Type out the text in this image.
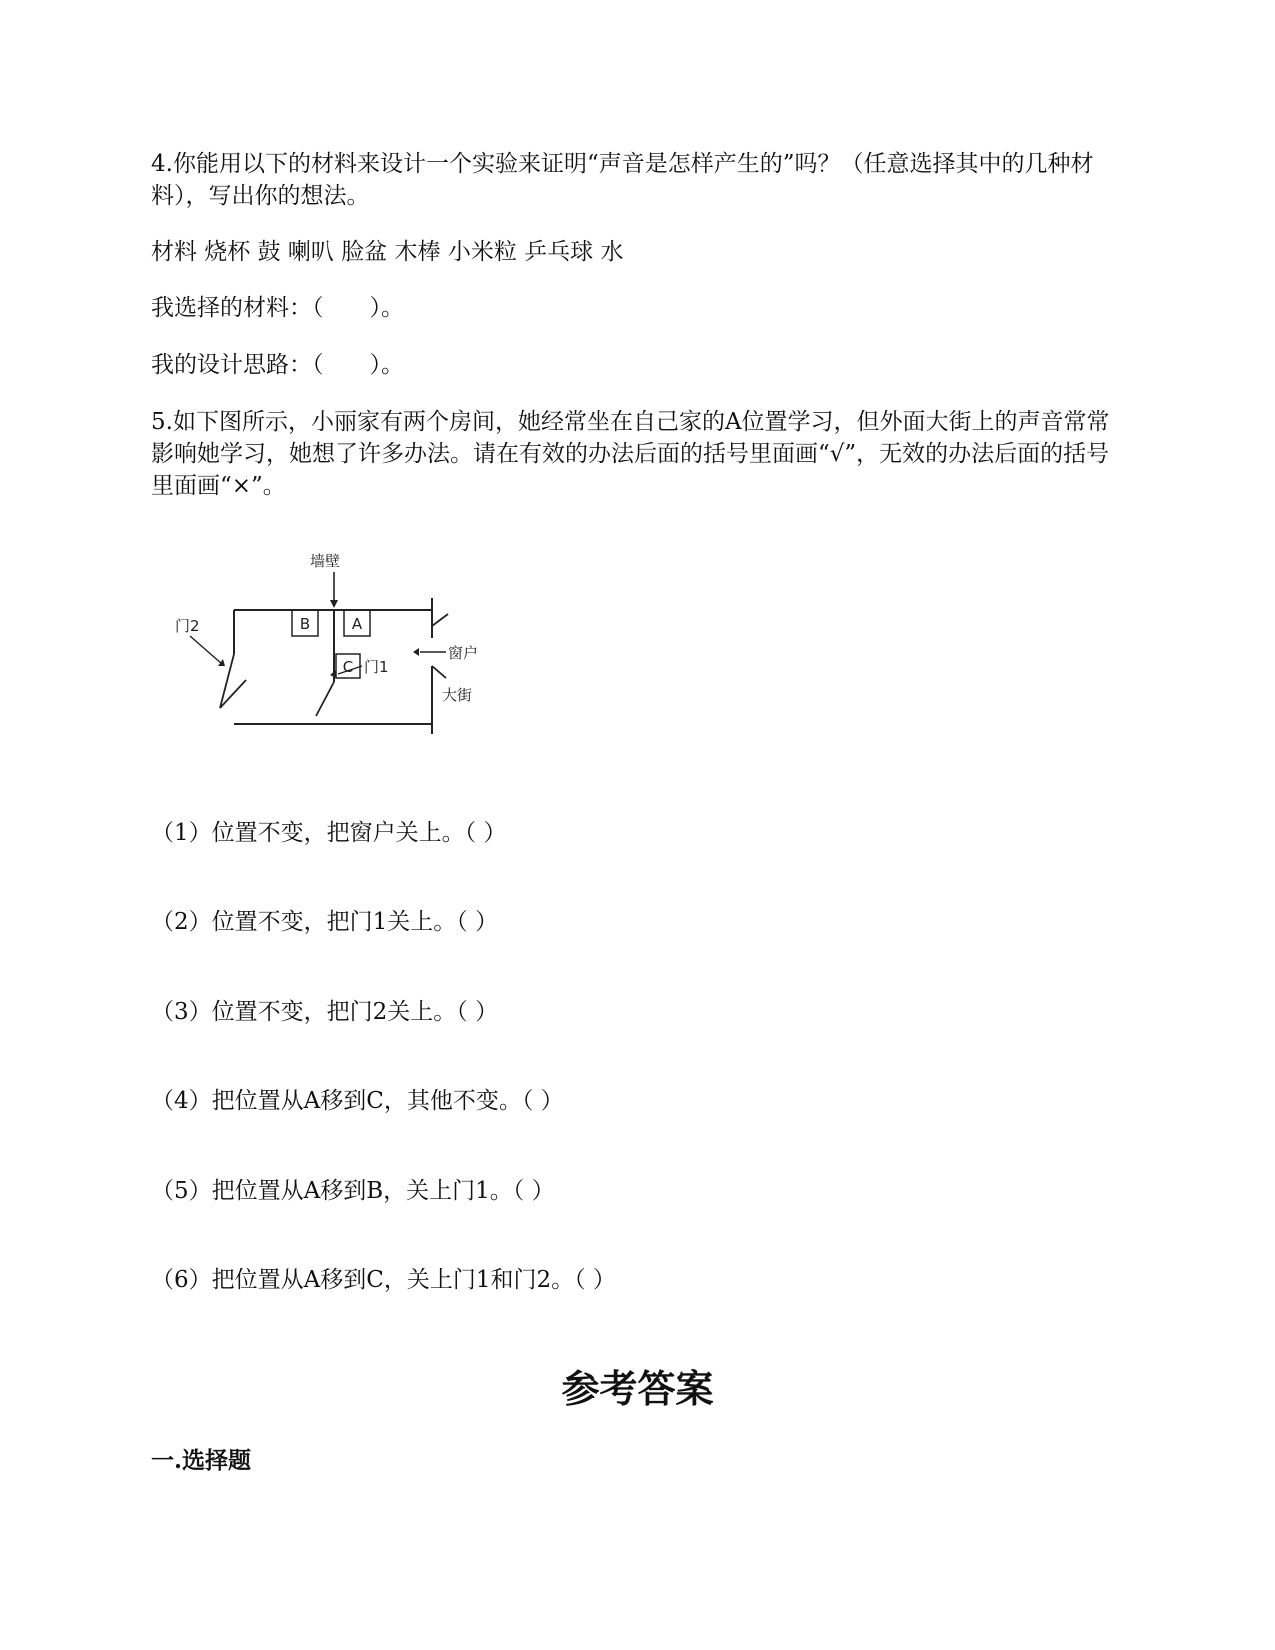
4.你能用以下的材料来设计一个实验来证明“声音是怎样产生的”吗？（任意选择其中的几种材料），写出你的想法。

材料 烧杯 鼓 喇叭 脸盆 木棒 小米粒 乒乓球 水
我选择的材料：（　　）。
我的设计思路：（　　）。

5.如下图所示，小丽家有两个房间，她经常坐在自己家的A位置学习，但外面大街上的声音常常影响她学习，她想了许多办法。请在有效的办法后面的括号里面画“√”，无效的办法后面的括号里面画“×”。

墙壁
门2
门1
窗户
大街
B	A
C
（1）位置不变，把窗户关上。（ ）
（2）位置不变，把门1关上。（ ）
（3）位置不变，把门2关上。（ ）
（4）把位置从A移到C，其他不变。（ ）
（5）把位置从A移到B，关上门1。（ ）
（6）把位置从A移到C，关上门1和门2。（ ）
参考答案
一.选择题
